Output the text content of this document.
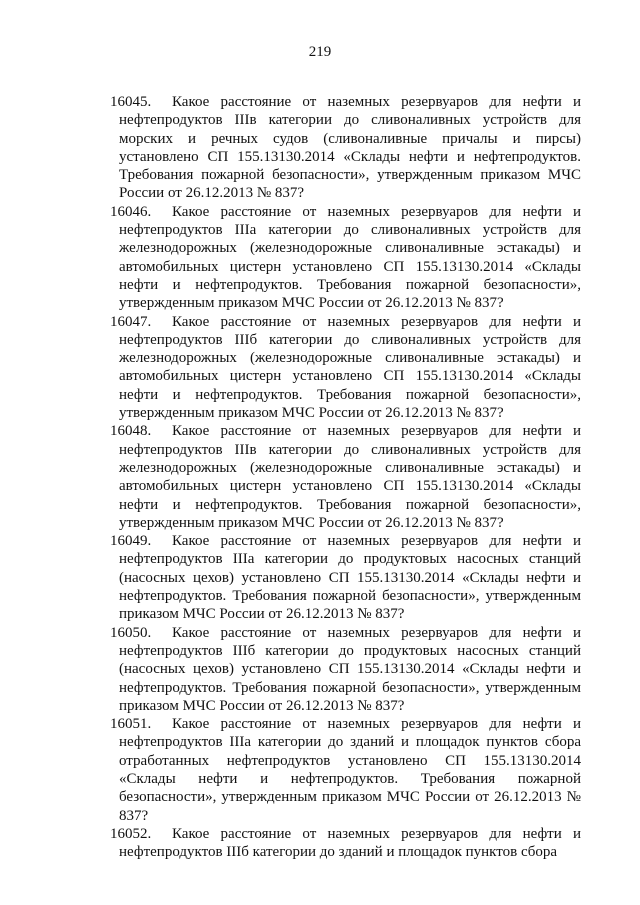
219
16045.	Какое расстояние от наземных резервуаров для нефти и нефтепродуктов IIIв категории до сливоналивных устройств для морских и речных судов (сливоналивные причалы и пирсы) установлено СП 155.13130.2014 «Склады нефти и нефтепродуктов. Требования пожарной безопасности», утвержденным приказом МЧС России от 26.12.2013 № 837?
16046.	Какое расстояние от наземных резервуаров для нефти и нефтепродуктов IIIа категории до сливоналивных устройств для железнодорожных (железнодорожные сливоналивные эстакады) и автомобильных цистерн установлено СП 155.13130.2014 «Склады нефти и нефтепродуктов. Требования пожарной безопасности», утвержденным приказом МЧС России от 26.12.2013 № 837?
16047.	Какое расстояние от наземных резервуаров для нефти и нефтепродуктов IIIб категории до сливоналивных устройств для железнодорожных (железнодорожные сливоналивные эстакады) и автомобильных цистерн установлено СП 155.13130.2014 «Склады нефти и нефтепродуктов. Требования пожарной безопасности», утвержденным приказом МЧС России от 26.12.2013 № 837?
16048.	Какое расстояние от наземных резервуаров для нефти и нефтепродуктов IIIв категории до сливоналивных устройств для железнодорожных (железнодорожные сливоналивные эстакады) и автомобильных цистерн установлено СП 155.13130.2014 «Склады нефти и нефтепродуктов. Требования пожарной безопасности», утвержденным приказом МЧС России от 26.12.2013 № 837?
16049.	Какое расстояние от наземных резервуаров для нефти и нефтепродуктов IIIа категории до продуктовых насосных станций (насосных цехов) установлено СП 155.13130.2014 «Склады нефти и нефтепродуктов. Требования пожарной безопасности», утвержденным приказом МЧС России от 26.12.2013 № 837?
16050.	Какое расстояние от наземных резервуаров для нефти и нефтепродуктов IIIб категории до продуктовых насосных станций (насосных цехов) установлено СП 155.13130.2014 «Склады нефти и нефтепродуктов. Требования пожарной безопасности», утвержденным приказом МЧС России от 26.12.2013 № 837?
16051.	Какое расстояние от наземных резервуаров для нефти и нефтепродуктов IIIа категории до зданий и площадок пунктов сбора отработанных нефтепродуктов установлено СП 155.13130.2014 «Склады нефти и нефтепродуктов. Требования пожарной безопасности», утвержденным приказом МЧС России от 26.12.2013 № 837?
16052.	Какое расстояние от наземных резервуаров для нефти и нефтепродуктов IIIб категории до зданий и площадок пунктов сбора
